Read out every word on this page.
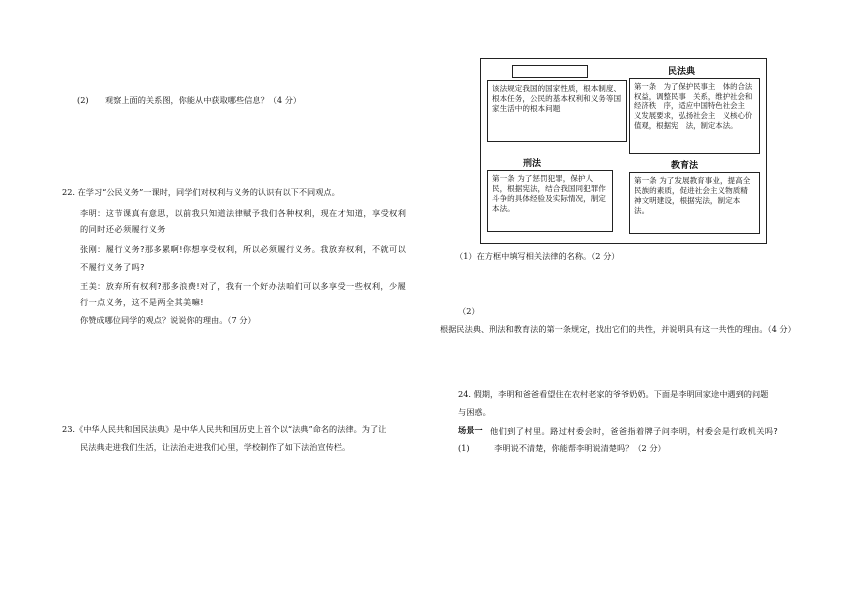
(2)　　观察上面的关系图，你能从中获取哪些信息？（4 分）
22. 在学习“公民义务”一课时，同学们对权利与义务的认识有以下不同观点。
李明：这节课真有意思，以前我只知道法律赋予我们各种权利，现在才知道，享受权利
的同时还必须履行义务
张刚：履行义务?那多累啊!你想享受权利，所以必须履行义务。我放弃权利，不就可以
不履行义务了吗?
王美：放弃所有权利?那多浪费!对了，我有一个好办法咱们可以多享受一些权利，少履
行一点义务，这不是两全其美嘛!
你赞成哪位同学的观点？说说你的理由。（7 分）
23.《中华人民共和国民法典》是中华人民共和国历史上首个以“法典”命名的法律。为了让
民法典走进我们生活，让法治走进我们心里，学校制作了如下法治宣传栏。
该法规定我国的国家性质，根本制度、根本任务，公民的基本权利和义务等国家生活中的根本问题
民法典
第一条　为了保护民事主　体的合法权益，调整民事　关系，维护社会和经济秩　序，适应中国特色社会主　义发展要求，弘扬社会主　义核心价值观，根据宪　法，制定本法。
刑法
第一条 为了惩罚犯罪，保护人民，根据宪法，结合我国同犯罪作斗争的具体经验及实际情况，制定本法。
教育法
第一条 为了发展教育事业，提高全民族的素质，促进社会主义物质精神文明建设，根据宪法，制定本法。
（1）在方框中填写相关法律的名称。（2 分）
（2）
根据民法典、刑法和教育法的第一条规定，找出它们的共性，并说明具有这一共性的理由。（4 分）
24. 假期，李明和爸爸看望住在农村老家的爷爷奶奶。下面是李明回家途中遇到的问题
与困惑。
场景一 他们到了村里。路过村委会时，爸爸指着牌子问李明，村委会是行政机关吗?
(1)　　　李明说不清楚，你能帮李明说清楚吗？（2 分）
